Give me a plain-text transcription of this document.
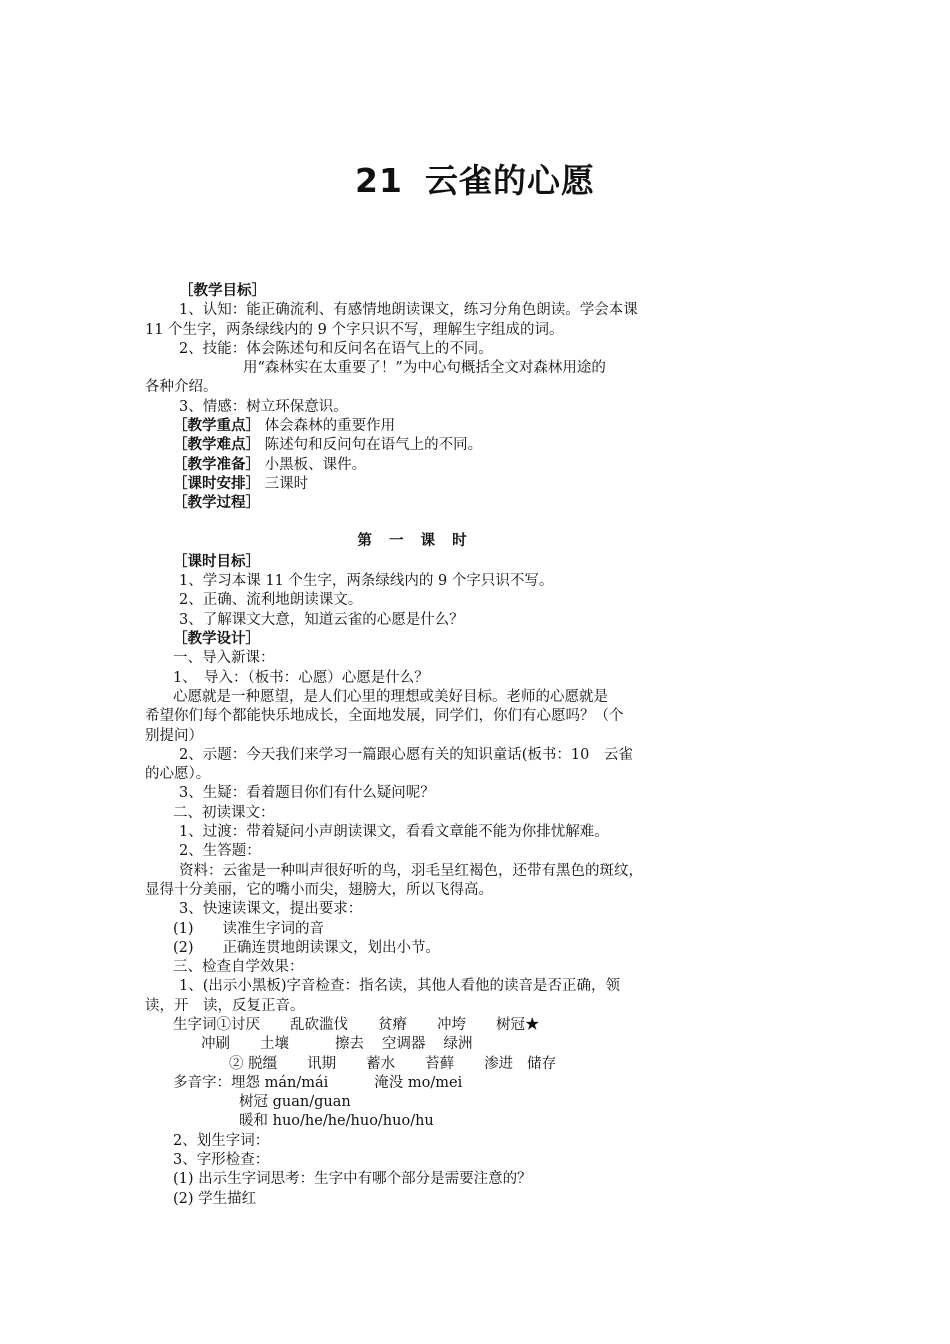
21 云雀的心愿

［教学目标］

1、认知：能正确流利、有感情地朗读课文，练习分角色朗读。学会本课

11 个生字，两条绿线内的 9 个字只识不写，理解生字组成的词。

2、技能：体会陈述句和反问名在语气上的不同。

用“森林实在太重要了！”为中心句概括全文对森林用途的

各种介绍。

3、情感：树立环保意识。

［教学重点］ 体会森林的重要作用

［教学难点］ 陈述句和反问句在语气上的不同。

［教学准备］ 小黑板、课件。

［课时安排］ 三课时

［教学过程］

第 一 课 时

［课时目标］

1、学习本课 11 个生字，两条绿线内的 9 个字只识不写。

2、正确、流利地朗读课文。

3、了解课文大意，知道云雀的心愿是什么？

［教学设计］

一、导入新课：

1、　导入：（板书：心愿）心愿是什么？

心愿就是一种愿望，是人们心里的理想或美好目标。老师的心愿就是

希望你们每个都能快乐地成长，全面地发展，同学们，你们有心愿吗？（个

别提问）

2、示题：今天我们来学习一篇跟心愿有关的知识童话(板书：10　云雀

的心愿）。

3、生疑：看着题目你们有什么疑问呢？

二、初读课文：

1、过渡：带着疑问小声朗读课文，看看文章能不能为你排忧解难。

2、生答题：

资料：云雀是一种叫声很好听的鸟，羽毛呈红褐色，还带有黑色的斑纹，

显得十分美丽，它的嘴小而尖，翅膀大，所以飞得高。

3、快速读课文，提出要求：

(1)　　读准生字词的音

(2)　　正确连贯地朗读课文，划出小节。

三、检查自学效果：

1、(出示小黑板)字音检查：指名读，其他人看他的读音是否正确，领

读，开　读，反复正音。

生字词①讨厌 乱砍滥伐 贫瘠 冲垮 树冠★

冲刷 土壤	擦去 空调器 绿洲

② 脱缰 讯期 蓄水 苔藓 渗进 储存

多音字：埋怨 mán/mái	淹没 mo/mei

树冠 guan/guan

暖和 huo/he/he/huo/huo/hu

2、划生字词：

3、字形检查：

(1) 出示生字词思考：生字中有哪个部分是需要注意的？

(2) 学生描红
